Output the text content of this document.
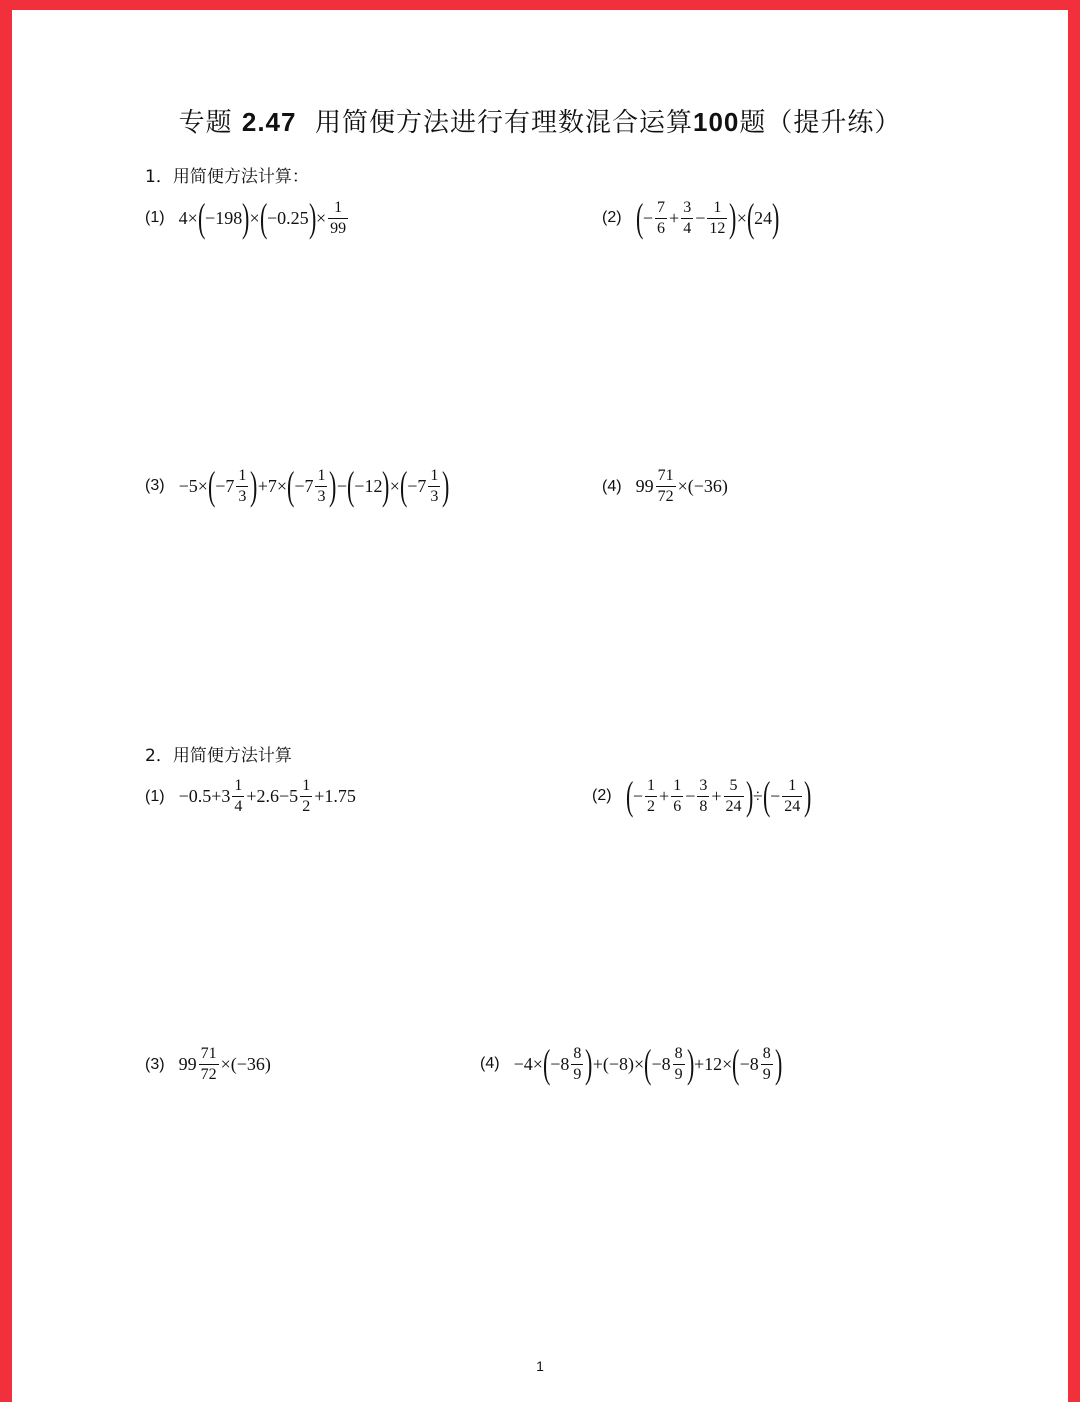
专题 2.47 用简便方法进行有理数混合运算100题（提升练）
1．用简便方法计算：
(1) 4× ( −198 ) × ( −0.25 ) × $\frac{1}{99}$	(2) ( − $\frac{7}{6} + \frac{3}{4} - \frac{1}{12}$ ) × ( 24 )
(3) −5× ( $-7 \frac{1}{3}$ ) +7× ( $-7 \frac{1}{3}$ ) − ( −12 ) × ( $-7 \frac{1}{3}$ )	(4) $99 \frac{71}{72} \times(-36)$
2．用简便方法计算
$(1) -0.5+3 \frac{1}{4} +2.6-5 \frac{1}{2} +1.75$	(2) ( − $\frac{1}{2} + \frac{1}{6} - \frac{3}{8} + \frac{5}{24}$ ) ÷ ( − $\frac{1}{24}$ )
(3) $99 \frac{71}{72} \times(-36)$	(4) −4× ( $-8 \frac{8}{9}$ ) +(−8)× ( $-8 \frac{8}{9}$ ) +12× ( $-8 \frac{8}{9}$ )
1
